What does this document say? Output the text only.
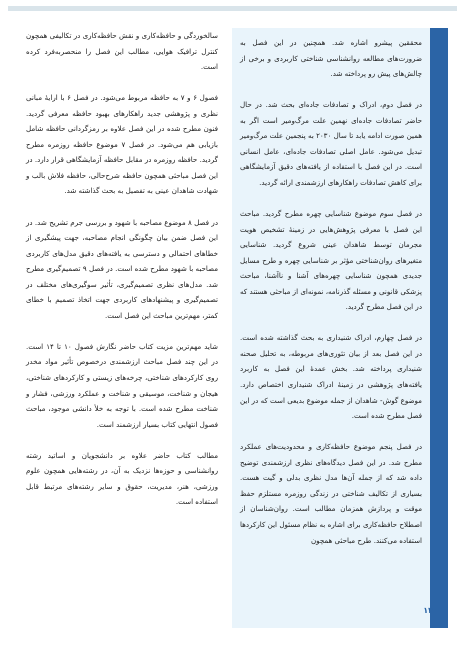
محققین پیشرو اشاره شد. همچنین در این فصل به ضرورت‌های مطالعه روانشناسی شناختی کاربردی و برخی از چالش‌های پیش رو پرداخته شد.

در فصل دوم، ادراک و تصادفات جاده‌ای بحث شد. در حال حاضر تصادفات جاده‌ای نهمین علت مرگ‌ومیر است اگر به همین صورت ادامه یابد تا سال ۲۰۳۰ به پنجمین علت مرگ‌ومیر تبدیل می‌شود. عامل اصلی تصادفات جاده‌ای، عامل انسانی است. در این فصل با استفاده از یافته‌های دقیق آزمایشگاهی برای کاهش تصادفات راهکارهای ارزشمندی ارائه گردید.

در فصل سوم موضوع شناسایی چهره مطرح گردید. مباحث این فصل با معرفی پژوهش‌هایی در زمینهٔ تشخیص هویت مجرمان توسط شاهدان عینی شروع گردید. شناسایی متغیرهای روان‌شناختی مؤثر بر شناسایی چهره و طرح مسایل جدیدی همچون شناسایی چهره‌های آشنا و ناآشنا، مباحث پزشکی قانونی و مسئله گذرنامه، نمونه‌ای از مباحثی هستند که در این فصل مطرح گردید.

در فصل چهارم، ادراک شنیداری به بحث گذاشته شده است. در این فصل بعد از بیان تئوری‌های مربوطه، به تحلیل صحنه شنیداری پرداخته شد. بخش عمدهٔ این فصل به کاربرد یافته‌های پژوهشی در زمینهٔ ادراک شنیداری اختصاص دارد. موضوع گوش- شاهدان از جمله موضوع بدیعی است که در این فصل مطرح شده است.

در فصل پنجم موضوع حافظه‌کاری و محدودیت‌های عملکرد مطرح شد. در این فصل دیدگاه‌های نظری ارزشمندی توضیح داده شد که از جمله آن‌ها مدل نظری بدلی و گیت هست. بسیاری از تکالیف شناختی در زندگی روزمره مستلزم حفظ موقت و پردازش همزمان مطالب است. روان‌شناسان از اصطلاح حافظه‌کاری برای اشاره به نظام مسئول این کارکردها استفاده می‌کنند. طرح مباحثی همچون

سالخوردگی و حافظه‌کاری و نقش حافظه‌کاری در تکالیفی همچون کنترل ترافیک هوایی، مطالب این فصل را منحصربه‌فرد کرده است.

فصول ۶ و ۷ به حافظه مربوط می‌شود. در فصل ۶ با ارایهٔ مبانی نظری و پژوهشی جدید راهکارهای بهبود حافظه معرفی گردید. فنون مطرح شده در این فصل علاوه بر رمزگردانی حافظه شامل بازیابی هم می‌شود. در فصل ۷ موضوع حافظه روزمره مطرح گردید. حافظه روزمره در مقابل حافظه آزمایشگاهی قرار دارد. در این فصل مباحثی همچون حافظه شرح‌حالی، حافظه فلاش بالب و شهادت شاهدان عینی به تفصیل به بحث گذاشته شد.

در فصل ۸ موضوع مصاحبه با شهود و بررسی جرم تشریح شد. در این فصل ضمن بیان چگونگی انجام مصاحبه، جهت پیشگیری از خطاهای احتمالی و دسترسی به یافته‌های دقیق مدل‌های کاربردی مصاحبه با شهود مطرح شده است. در فصل ۹ تصمیم‌گیری مطرح شد. مدل‌های نظری تصمیم‌گیری، تأثیر سوگیری‌های مختلف در تصمیم‌گیری و پیشنهادهای کاربردی جهت اتخاذ تصمیم با خطای کمتر، مهم‌ترین مباحث این فصل است.

شاید مهم‌ترین مزیت کتاب حاضر نگارش فصول ۱۰ تا ۱۴ است. در این چند فصل مباحث ارزشمندی درخصوص تأثیر مواد مخدر روی کارکردهای شناختی، چرخه‌های زیستی و کارکردهای شناختی، هیجان و شناخت، موسیقی و شناخت و عملکرد ورزشی، فشار و شناخت مطرح شده است. با توجه به خلأ دانشی موجود، مباحث فصول انتهایی کتاب بسیار ارزشمند است.

مطالب کتاب حاضر علاوه بر دانشجویان و اساتید رشته روانشناسی و حوزه‌ها نزدیک به آن، در رشته‌هایی همچون علوم ورزشی، هنر، مدیریت، حقوق و سایر رشته‌های مرتبط قابل استفاده است.

۱۴
